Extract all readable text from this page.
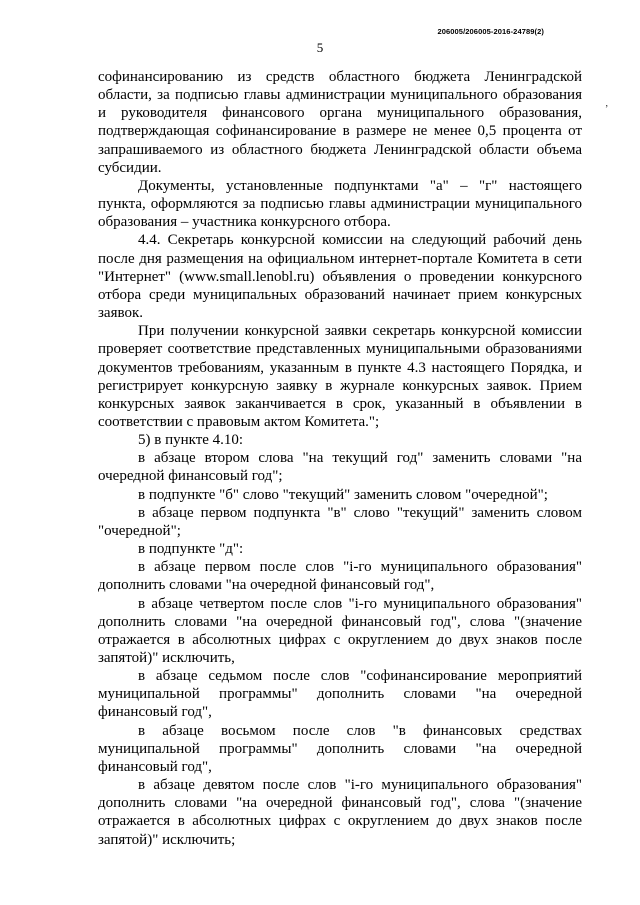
206005/206005-2016-24789(2)
5
ʼ

софинансированию из средств областного бюджета Ленинградской области, за подписью главы администрации муниципального образования и руководителя финансового органа муниципального образования, подтверждающая софинансирование в размере не менее 0,5 процента от запрашиваемого из областного бюджета Ленинградской области объема субсидии.

Документы, установленные подпунктами "а" – "г" настоящего пункта, оформляются за подписью главы администрации муниципального образования – участника конкурсного отбора.

4.4. Секретарь конкурсной комиссии на следующий рабочий день после дня размещения на официальном интернет-портале Комитета в сети "Интернет" (www.small.lenobl.ru) объявления о проведении конкурсного отбора среди муниципальных образований начинает прием конкурсных заявок.

При получении конкурсной заявки секретарь конкурсной комиссии проверяет соответствие представленных муниципальными образованиями документов требованиям, указанным в пункте 4.3 настоящего Порядка, и регистрирует конкурсную заявку в журнале конкурсных заявок. Прием конкурсных заявок заканчивается в срок, указанный в объявлении в соответствии с правовым актом Комитета.";

5) в пункте 4.10:

в абзаце втором слова "на текущий год" заменить словами "на очередной финансовый год";

в подпункте "б" слово "текущий" заменить словом "очередной";

в абзаце первом подпункта "в" слово "текущий" заменить словом "очередной";

в подпункте "д":

в абзаце первом после слов "i-го муниципального образования" дополнить словами "на очередной финансовый год",

в абзаце четвертом после слов "i-го муниципального образования" дополнить словами "на очередной финансовый год", слова "(значение отражается в абсолютных цифрах с округлением до двух знаков после запятой)" исключить,

в абзаце седьмом после слов "софинансирование мероприятий муниципальной программы" дополнить словами "на очередной финансовый год",

в абзаце восьмом после слов "в финансовых средствах муниципальной программы" дополнить словами "на очередной финансовый год",

в абзаце девятом после слов "i-го муниципального образования" дополнить словами "на очередной финансовый год", слова "(значение отражается в абсолютных цифрах с округлением до двух знаков после запятой)" исключить;
